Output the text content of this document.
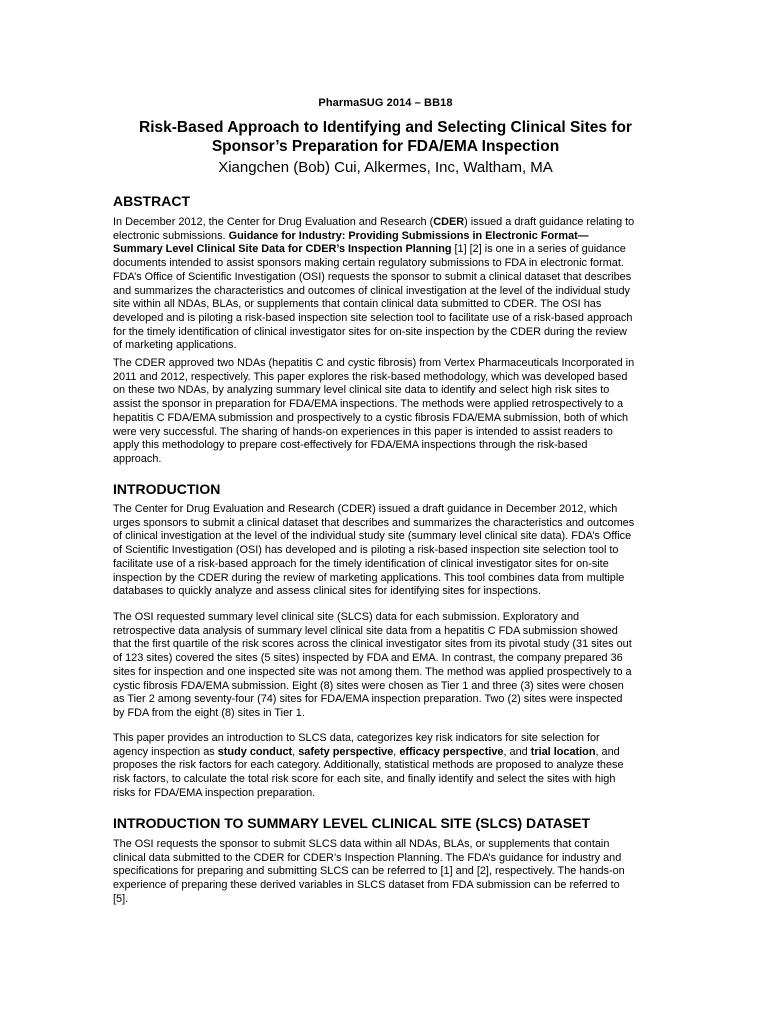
PharmaSUG 2014 – BB18
Risk-Based Approach to Identifying and Selecting Clinical Sites for
Sponsor’s Preparation for FDA/EMA Inspection
Xiangchen (Bob) Cui, Alkermes, Inc, Waltham, MA
ABSTRACT

In December 2012, the Center for Drug Evaluation and Research (CDER) issued a draft guidance relating to
electronic submissions. Guidance for Industry: Providing Submissions in Electronic Format—
Summary Level Clinical Site Data for CDER’s Inspection Planning [1] [2] is one in a series of guidance
documents intended to assist sponsors making certain regulatory submissions to FDA in electronic format.
FDA’s Office of Scientific Investigation (OSI) requests the sponsor to submit a clinical dataset that describes
and summarizes the characteristics and outcomes of clinical investigation at the level of the individual study
site within all NDAs, BLAs, or supplements that contain clinical data submitted to CDER. The OSI has
developed and is piloting a risk-based inspection site selection tool to facilitate use of a risk-based approach
for the timely identification of clinical investigator sites for on-site inspection by the CDER during the review
of marketing applications.

The CDER approved two NDAs (hepatitis C and cystic fibrosis) from Vertex Pharmaceuticals Incorporated in
2011 and 2012, respectively. This paper explores the risk-based methodology, which was developed based
on these two NDAs, by analyzing summary level clinical site data to identify and select high risk sites to
assist the sponsor in preparation for FDA/EMA inspections. The methods were applied retrospectively to a
hepatitis C FDA/EMA submission and prospectively to a cystic fibrosis FDA/EMA submission, both of which
were very successful. The sharing of hands-on experiences in this paper is intended to assist readers to
apply this methodology to prepare cost-effectively for FDA/EMA inspections through the risk-based
approach.

INTRODUCTION

The Center for Drug Evaluation and Research (CDER) issued a draft guidance in December 2012, which
urges sponsors to submit a clinical dataset that describes and summarizes the characteristics and outcomes
of clinical investigation at the level of the individual study site (summary level clinical site data). FDA’s Office
of Scientific Investigation (OSI) has developed and is piloting a risk-based inspection site selection tool to
facilitate use of a risk-based approach for the timely identification of clinical investigator sites for on-site
inspection by the CDER during the review of marketing applications. This tool combines data from multiple
databases to quickly analyze and assess clinical sites for identifying sites for inspections.

The OSI requested summary level clinical site (SLCS) data for each submission. Exploratory and
retrospective data analysis of summary level clinical site data from a hepatitis C FDA submission showed
that the first quartile of the risk scores across the clinical investigator sites from its pivotal study (31 sites out
of 123 sites) covered the sites (5 sites) inspected by FDA and EMA. In contrast, the company prepared 36
sites for inspection and one inspected site was not among them. The method was applied prospectively to a
cystic fibrosis FDA/EMA submission. Eight (8) sites were chosen as Tier 1 and three (3) sites were chosen
as Tier 2 among seventy-four (74) sites for FDA/EMA inspection preparation. Two (2) sites were inspected
by FDA from the eight (8) sites in Tier 1.

This paper provides an introduction to SLCS data, categorizes key risk indicators for site selection for
agency inspection as study conduct, safety perspective, efficacy perspective, and trial location, and
proposes the risk factors for each category. Additionally, statistical methods are proposed to analyze these
risk factors, to calculate the total risk score for each site, and finally identify and select the sites with high
risks for FDA/EMA inspection preparation.

INTRODUCTION TO SUMMARY LEVEL CLINICAL SITE (SLCS) DATASET

The OSI requests the sponsor to submit SLCS data within all NDAs, BLAs, or supplements that contain
clinical data submitted to the CDER for CDER’s Inspection Planning. The FDA’s guidance for industry and
specifications for preparing and submitting SLCS can be referred to [1] and [2], respectively. The hands-on
experience of preparing these derived variables in SLCS dataset from FDA submission can be referred to
[5].
